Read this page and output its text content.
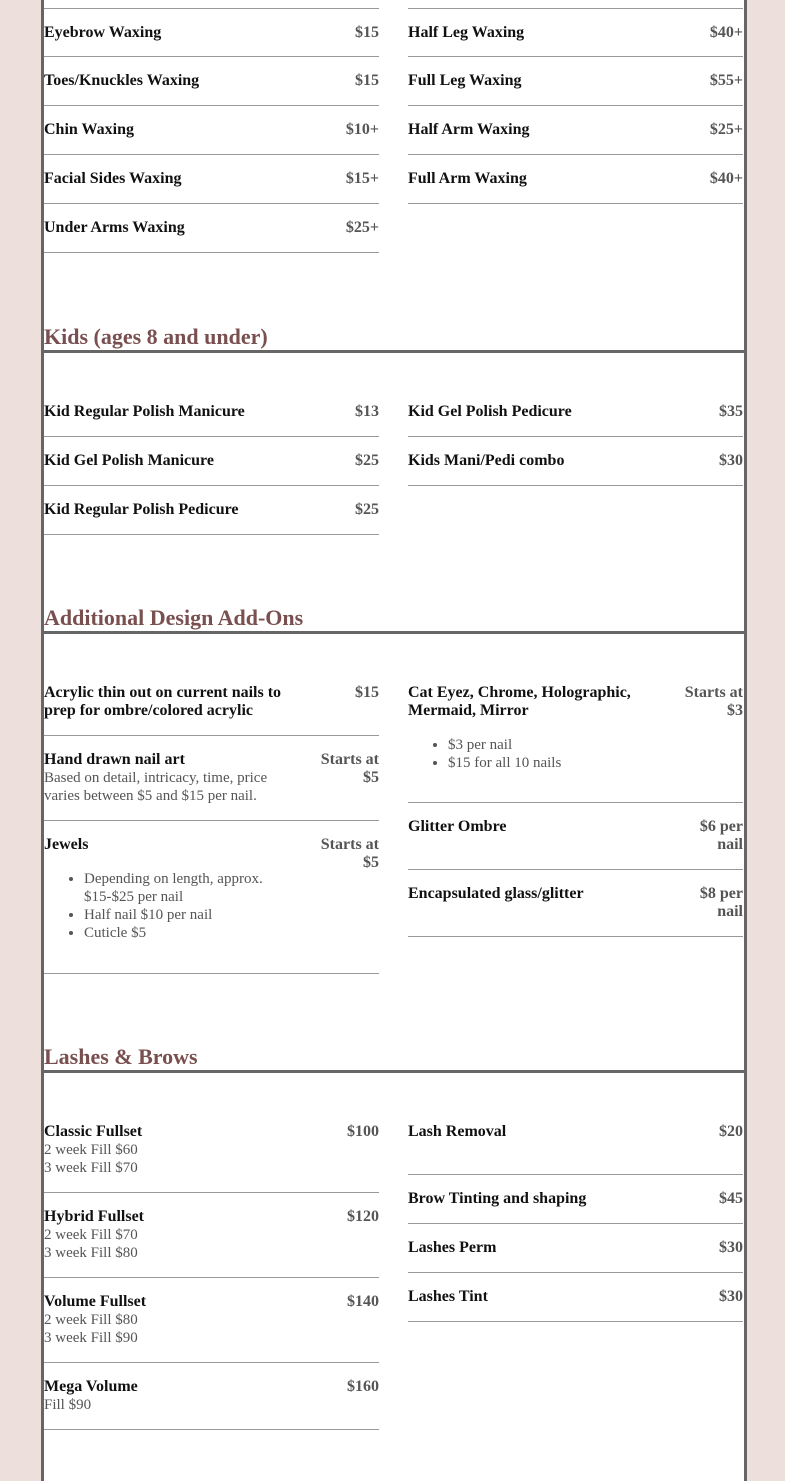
Eyebrow Waxing	$15
Toes/Knuckles Waxing	$15
Chin Waxing	$10+
Facial Sides Waxing	$15+
Under Arms Waxing	$25+
Half Leg Waxing	$40+
Full Leg Waxing	$55+
Half Arm Waxing	$25+
Full Arm Waxing	$40+
Kids (ages 8 and under)
Kid Regular Polish Manicure	$13
Kid Gel Polish Manicure	$25
Kid Regular Polish Pedicure	$25
Kid Gel Polish Pedicure	$35
Kids Mani/Pedi combo	$30
Additional Design Add-Ons
Acrylic thin out on current nails to prep for ombre/colored acrylic
$15
Hand drawn nail art
Based on detail, intricacy, time, price varies between $5 and $15 per nail.
Starts at $5
Jewels
• Depending on length, approx. $15-$25 per nail
• Half nail $10 per nail
• Cuticle $5
Starts at $5
Cat Eyez, Chrome, Holographic, Mermaid, Mirror
• $3 per nail
• $15 for all 10 nails
Starts at $3
Glitter Ombre	$6 per nail
Encapsulated glass/glitter	$8 per nail
Lashes & Brows
Classic Fullset
2 week Fill $60
3 week Fill $70
$100
Hybrid Fullset
2 week Fill $70
3 week Fill $80
$120
Volume Fullset
2 week Fill $80
3 week Fill $90
$140
Mega Volume
Fill $90
$160
Lash Removal	$20
Brow Tinting and shaping	$45
Lashes Perm	$30
Lashes Tint	$30
